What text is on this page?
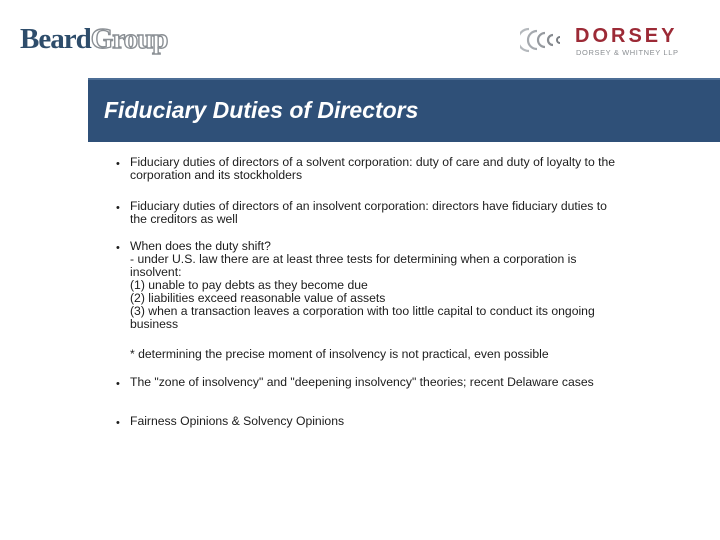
BeardGroup	DORSEY
DORSEY & WHITNEY LLP
Fiduciary Duties of Directors
• Fiduciary duties of directors of a solvent corporation: duty of care and duty of loyalty to the
corporation and its stockholders
• Fiduciary duties of directors of an insolvent corporation: directors have fiduciary duties to
the creditors as well
• When does the duty shift?
- under U.S. law there are at least three tests for determining when a corporation is
insolvent:
(1) unable to pay debts as they become due
(2) liabilities exceed reasonable value of assets
(3) when a transaction leaves a corporation with too little capital to conduct its ongoing
business
* determining the precise moment of insolvency is not practical, even possible
• The "zone of insolvency" and "deepening insolvency" theories; recent Delaware cases
• Fairness Opinions & Solvency Opinions
